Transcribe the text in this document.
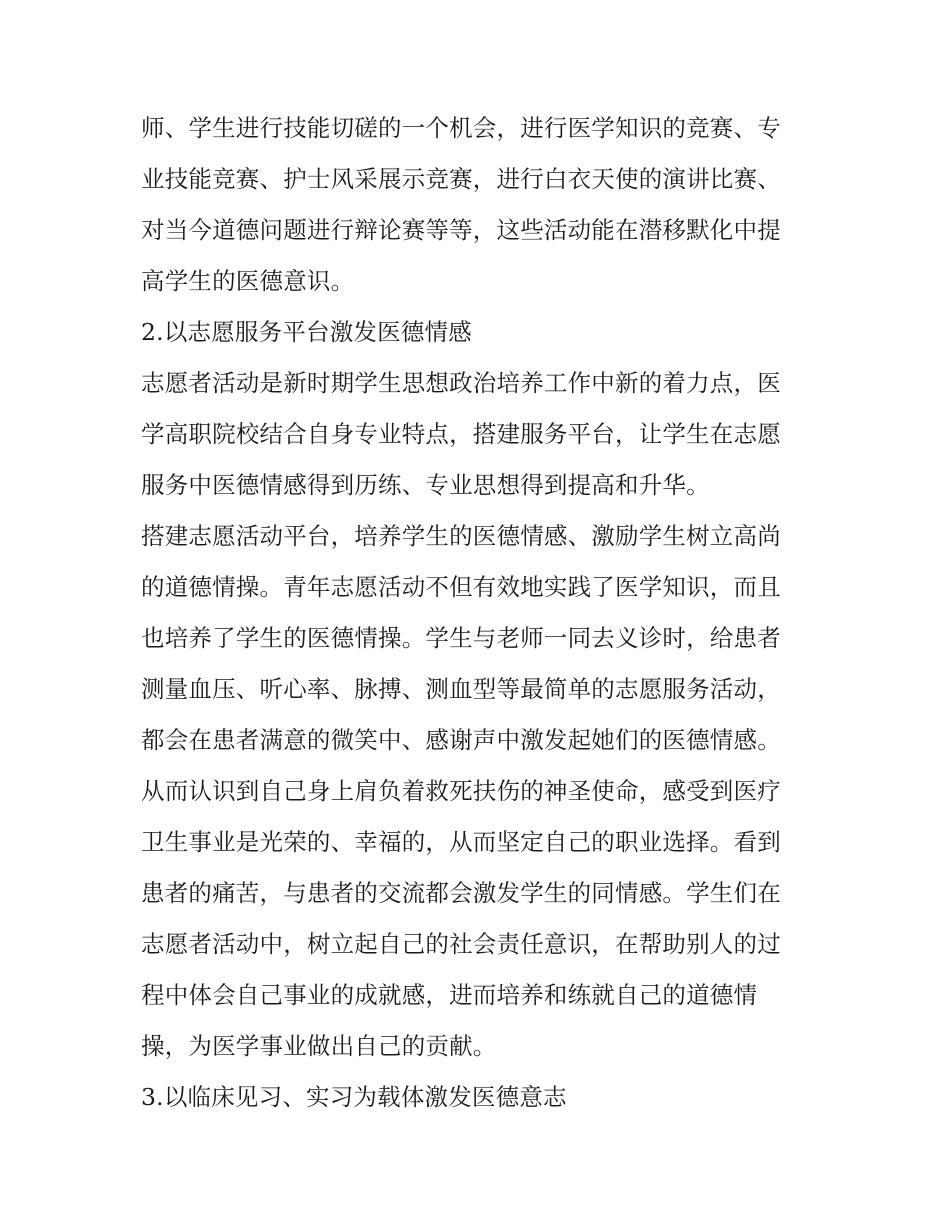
师、学生进行技能切磋的一个机会，进行医学知识的竞赛、专
业技能竞赛、护士风采展示竞赛，进行白衣天使的演讲比赛、
对当今道德问题进行辩论赛等等，这些活动能在潜移默化中提
高学生的医德意识。
2.以志愿服务平台激发医德情感
志愿者活动是新时期学生思想政治培养工作中新的着力点，医
学高职院校结合自身专业特点，搭建服务平台，让学生在志愿
服务中医德情感得到历练、专业思想得到提高和升华。
搭建志愿活动平台，培养学生的医德情感、激励学生树立高尚
的道德情操。青年志愿活动不但有效地实践了医学知识，而且
也培养了学生的医德情操。学生与老师一同去义诊时，给患者
测量血压、听心率、脉搏、测血型等最简单的志愿服务活动，
都会在患者满意的微笑中、感谢声中激发起她们的医德情感。
从而认识到自己身上肩负着救死扶伤的神圣使命，感受到医疗
卫生事业是光荣的、幸福的，从而坚定自己的职业选择。看到
患者的痛苦，与患者的交流都会激发学生的同情感。学生们在
志愿者活动中，树立起自己的社会责任意识，在帮助别人的过
程中体会自己事业的成就感，进而培养和练就自己的道德情
操，为医学事业做出自己的贡献。
3.以临床见习、实习为载体激发医德意志
